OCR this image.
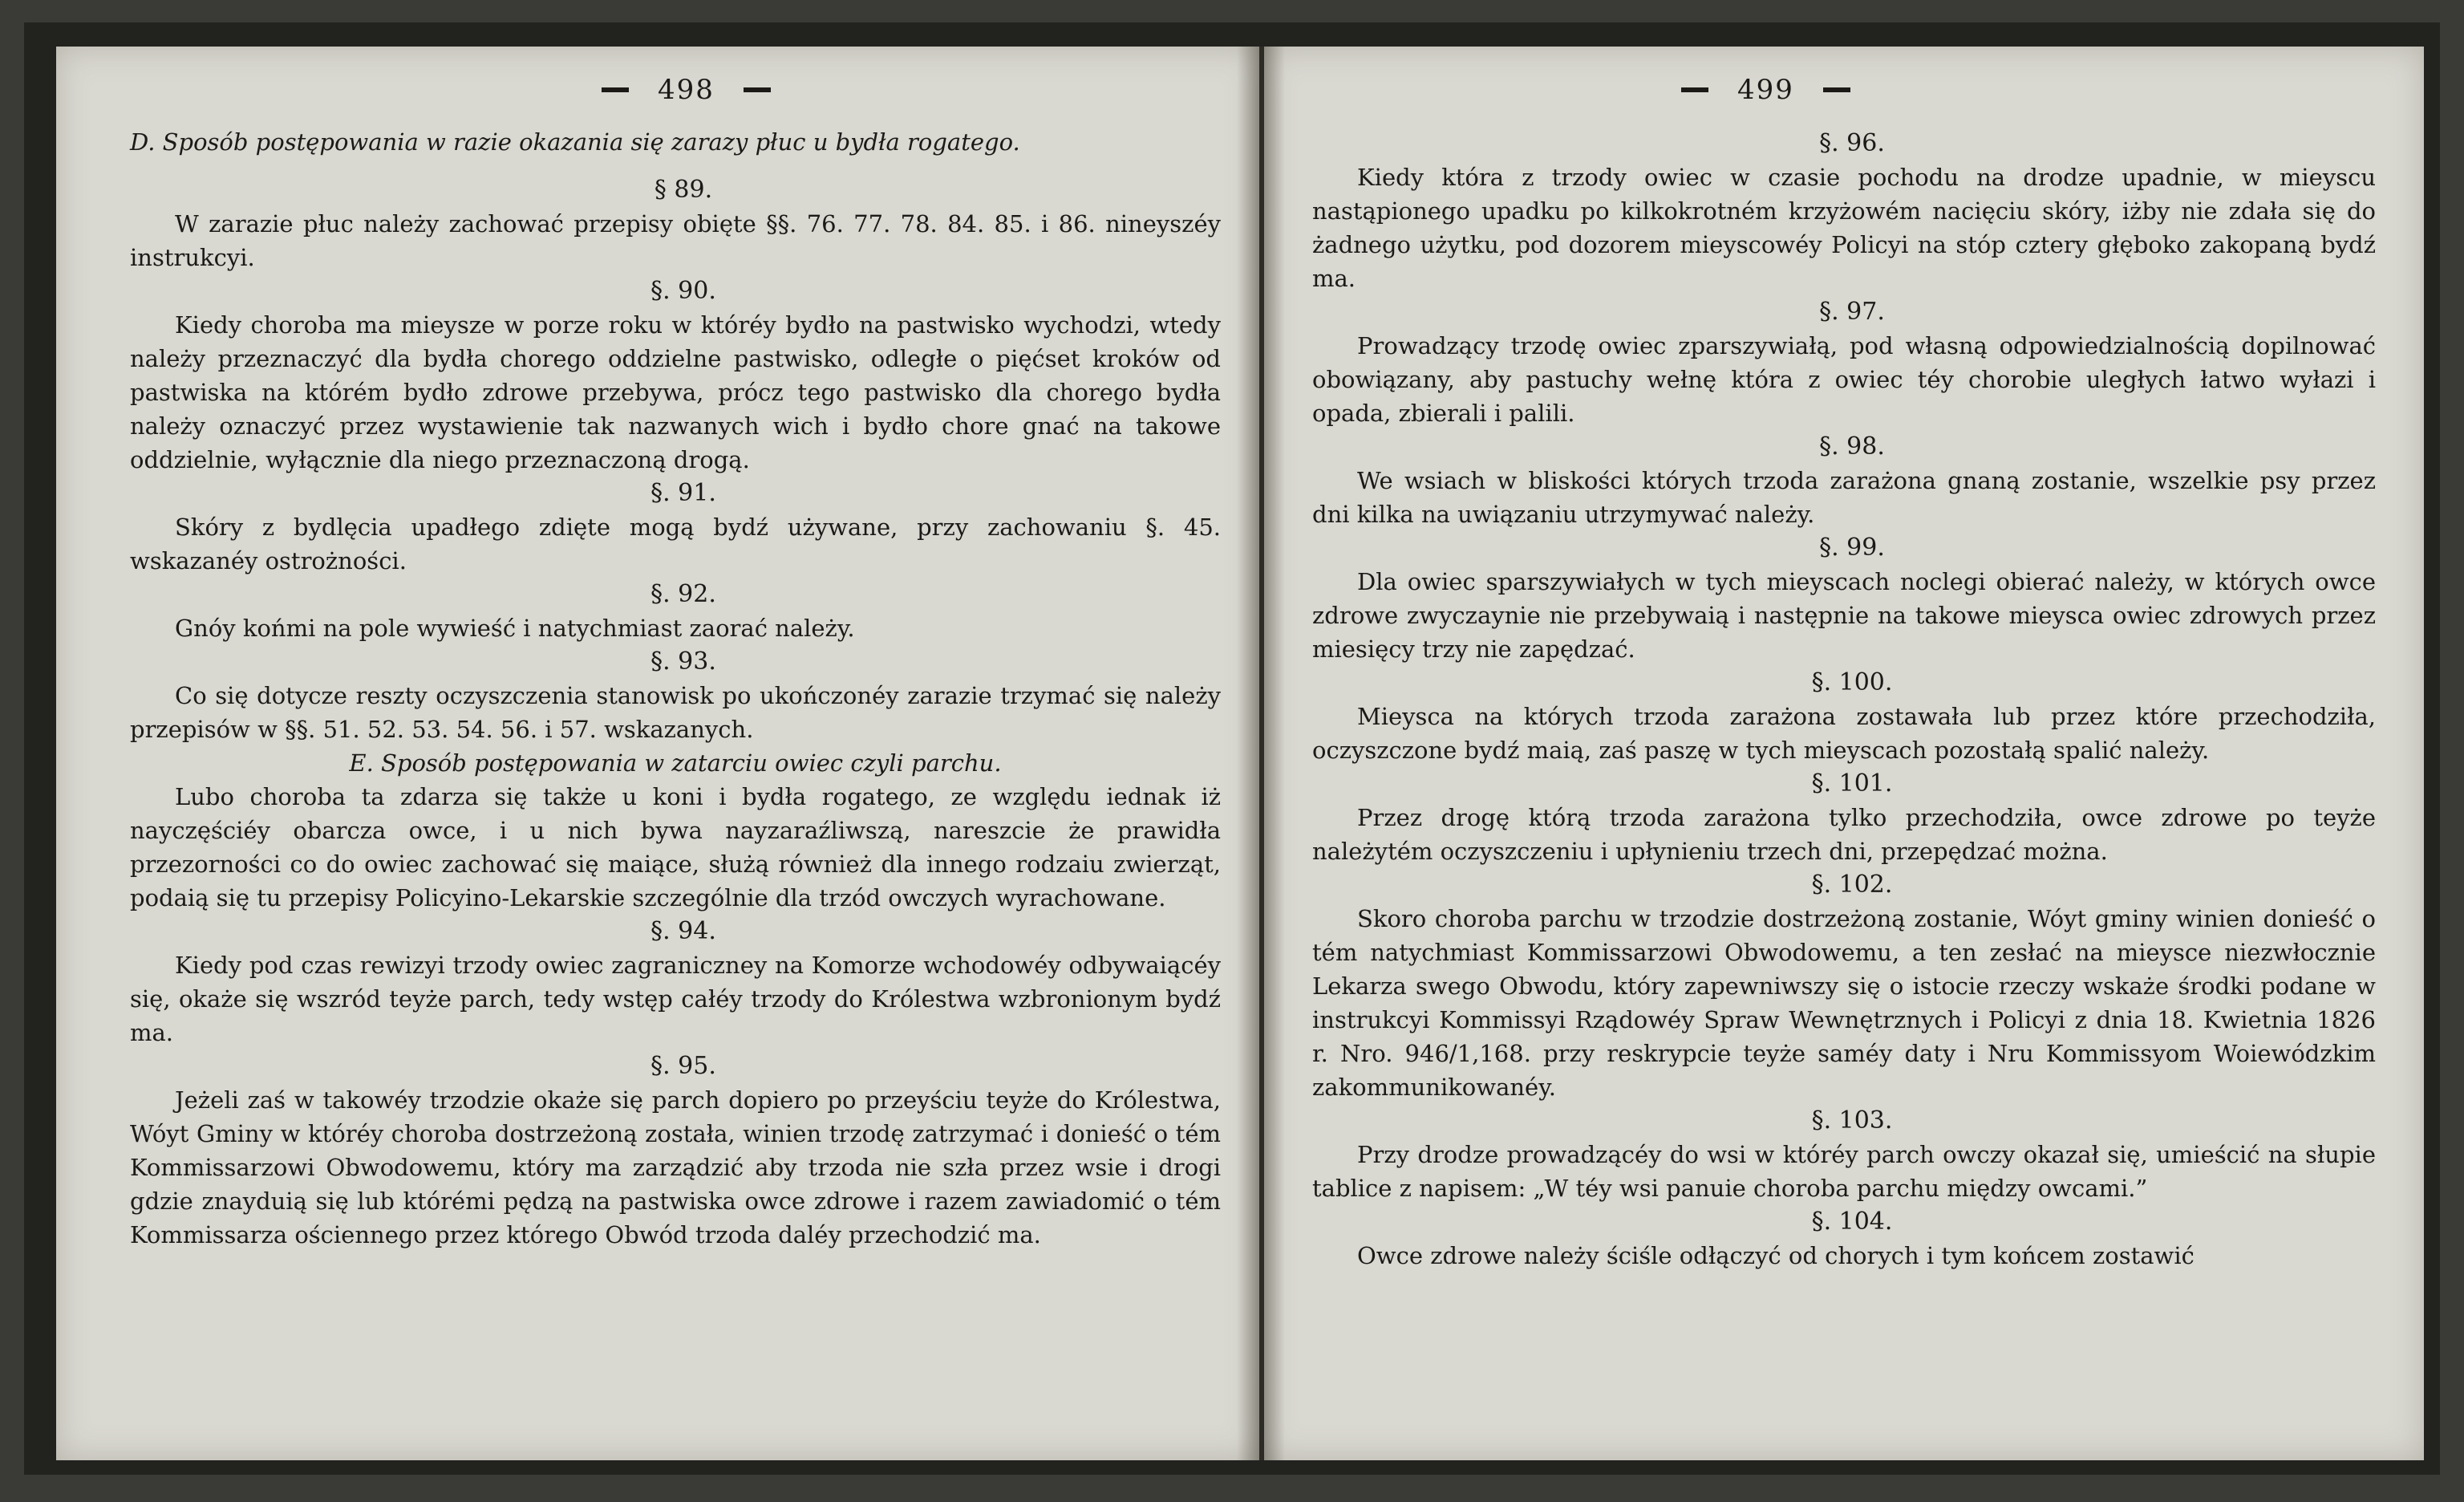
498

D. Sposób postępowania w razie okazania się zarazy płuc u bydła rogatego.

§ 89.

W zarazie płuc należy zachować przepisy obięte §§. 76. 77. 78. 84. 85. i 86. nineyszéy instrukcyi.

§. 90.

Kiedy choroba ma mieysze w porze roku w któréy bydło na pastwisko wychodzi, wtedy należy przeznaczyć dla bydła chorego oddzielne pastwisko, odległe o pięćset kroków od pastwiska na którém bydło zdrowe przebywa, prócz tego pastwisko dla chorego bydła należy oznaczyć przez wystawienie tak nazwanych wich i bydło chore gnać na takowe oddzielnie, wyłącznie dla niego przeznaczoną drogą.

§. 91.

Skóry z bydlęcia upadłego zdięte mogą bydź używane, przy zachowaniu §. 45. wskazanéy ostrożności.

§. 92.

Gnóy końmi na pole wywieść i natychmiast zaorać należy.

§. 93.

Co się dotycze reszty oczyszczenia stanowisk po ukończonéy zarazie trzymać się należy przepisów w §§. 51. 52. 53. 54. 56. i 57. wskazanych.

E. Sposób postępowania w zatarciu owiec czyli parchu.

Lubo choroba ta zdarza się także u koni i bydła rogatego, ze względu iednak iż nayczęściéy obarcza owce, i u nich bywa nayzaraźliwszą, nareszcie że prawidła przezorności co do owiec zachować się maiące, służą również dla innego rodzaiu zwierząt, podaią się tu przepisy Policyino-Lekarskie szczególnie dla trzód owczych wyrachowane.

§. 94.

Kiedy pod czas rewizyi trzody owiec zagraniczney na Komorze wchodowéy odbywaiącéy się, okaże się wszród teyże parch, tedy wstęp całéy trzody do Królestwa wzbronionym bydź ma.

§. 95.

Jeżeli zaś w takowéy trzodzie okaże się parch dopiero po przeyściu teyże do Królestwa, Wóyt Gminy w któréy choroba dostrzeżoną została, winien trzodę zatrzymać i donieść o tém Kommissarzowi Obwodowemu, który ma zarządzić aby trzoda nie szła przez wsie i drogi gdzie znayduią się lub którémi pędzą na pastwiska owce zdrowe i razem zawiadomić o tém Kommissarza ościennego przez którego Obwód trzoda daléy przechodzić ma.

499

§. 96.

Kiedy która z trzody owiec w czasie pochodu na drodze upadnie, w mieyscu nastąpionego upadku po kilkokrotném krzyżowém nacięciu skóry, iżby nie zdała się do żadnego użytku, pod dozorem mieyscowéy Policyi na stóp cztery głęboko zakopaną bydź ma.

§. 97.

Prowadzący trzodę owiec zparszywiałą, pod własną odpowiedzialnością dopilnować obowiązany, aby pastuchy wełnę która z owiec téy chorobie uległych łatwo wyłazi i opada, zbierali i palili.

§. 98.

We wsiach w bliskości których trzoda zarażona gnaną zostanie, wszelkie psy przez dni kilka na uwiązaniu utrzymywać należy.

§. 99.

Dla owiec sparszywiałych w tych mieyscach noclegi obierać należy, w których owce zdrowe zwyczaynie nie przebywaią i następnie na takowe mieysca owiec zdrowych przez miesięcy trzy nie zapędzać.

§. 100.

Mieysca na których trzoda zarażona zostawała lub przez które przechodziła, oczyszczone bydź maią, zaś paszę w tych mieyscach pozostałą spalić należy.

§. 101.

Przez drogę którą trzoda zarażona tylko przechodziła, owce zdrowe po teyże należytém oczyszczeniu i upłynieniu trzech dni, przepędzać można.

§. 102.

Skoro choroba parchu w trzodzie dostrzeżoną zostanie, Wóyt gminy winien donieść o tém natychmiast Kommissarzowi Obwodowemu, a ten zesłać na mieysce niezwłocznie Lekarza swego Obwodu, który zapewniwszy się o istocie rzeczy wskaże środki podane w instrukcyi Kommissyi Rządowéy Spraw Wewnętrznych i Policyi z dnia 18. Kwietnia 1826 r. Nro. 946/1,168. przy reskrypcie teyże saméy daty i Nru Kommissyom Woiewódzkim zakommunikowanéy.

§. 103.

Przy drodze prowadzącéy do wsi w któréy parch owczy okazał się, umieścić na słupie tablice z napisem: „W téy wsi panuie choroba parchu między owcami.”

§. 104.

Owce zdrowe należy ściśle odłączyć od chorych i tym końcem zostawić
